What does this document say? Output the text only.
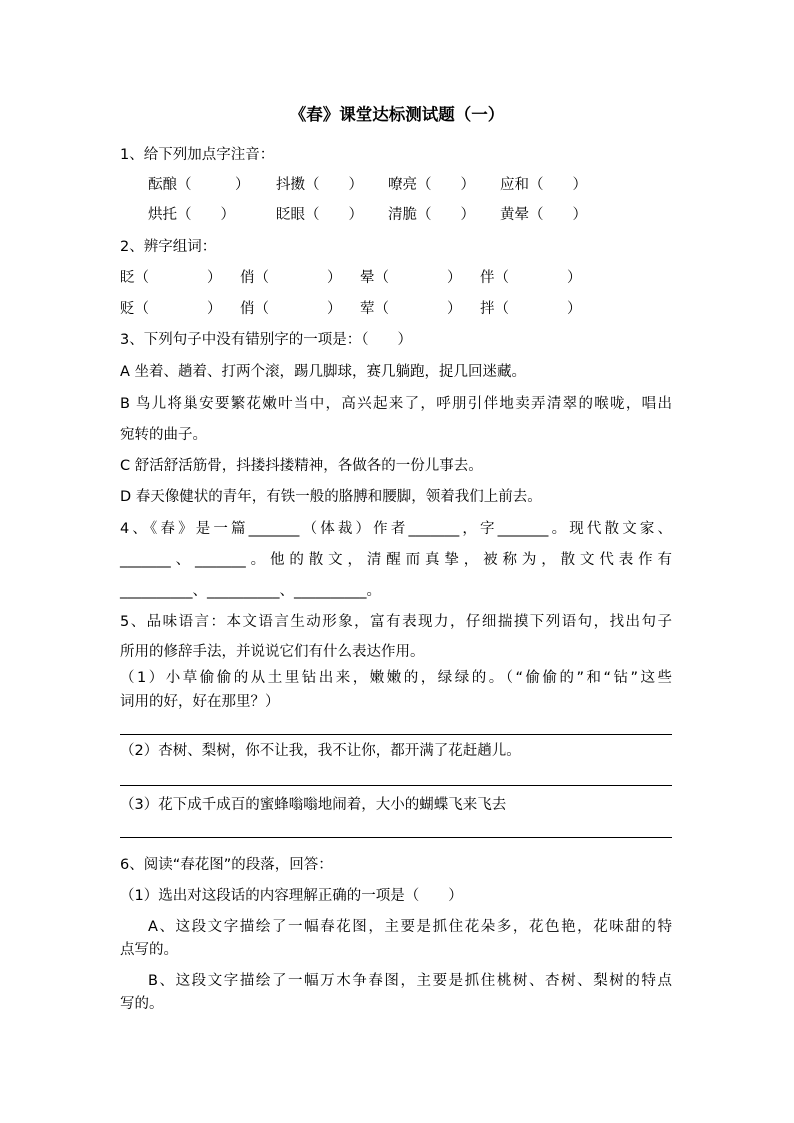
《春》课堂达标测试题（一）
1、给下列加点字注音：
酝酿（　　　） 抖擞（　　） 嘹亮（　　） 应和（　　）
烘托（　　）	眨眼（　　） 清脆（　　） 黄晕（　　）
2、辨字组词：
眨（　　　　） 俏（　　　　） 晕（　　　　） 伴（　　　　）
贬（　　　　） 俏（　　　　） 荤（　　　　） 拌（　　　　）
3、下列句子中没有错别字的一项是：（　　）
A 坐着、趟着、打两个滚，踢几脚球，赛几躺跑，捉几回迷藏。
B 鸟儿将巢安要繁花嫩叶当中，高兴起来了，呼朋引伴地卖弄清翠的喉咙，唱出
宛转的曲子。
C 舒活舒活筋骨，抖搂抖搂精神，各做各的一份儿事去。
D 春天像健状的青年，有铁一般的胳膊和腰脚，领着我们上前去。
4、《春》是一篇_______（体裁）作者_______，字_______。现代散文家、
_______、_______。他的散文，清醒而真挚，被称为，散文代表作有
__________、__________、__________。
5、品味语言：本文语言生动形象，富有表现力，仔细揣摸下列语句，找出句子
所用的修辞手法，并说说它们有什么表达作用。
（1）小草偷偷的从土里钻出来，嫩嫩的，绿绿的。（“偷偷的”和“钻”这些
词用的好，好在那里？）
（2）杏树、梨树，你不让我，我不让你，都开满了花赶趟儿。
（3）花下成千成百的蜜蜂嗡嗡地闹着，大小的蝴蝶飞来飞去
6、阅读“春花图”的段落，回答：
（1）选出对这段话的内容理解正确的一项是（　　）
A、这段文字描绘了一幅春花图，主要是抓住花朵多，花色艳，花味甜的特
点写的。
B、这段文字描绘了一幅万木争春图，主要是抓住桃树、杏树、梨树的特点
写的。
